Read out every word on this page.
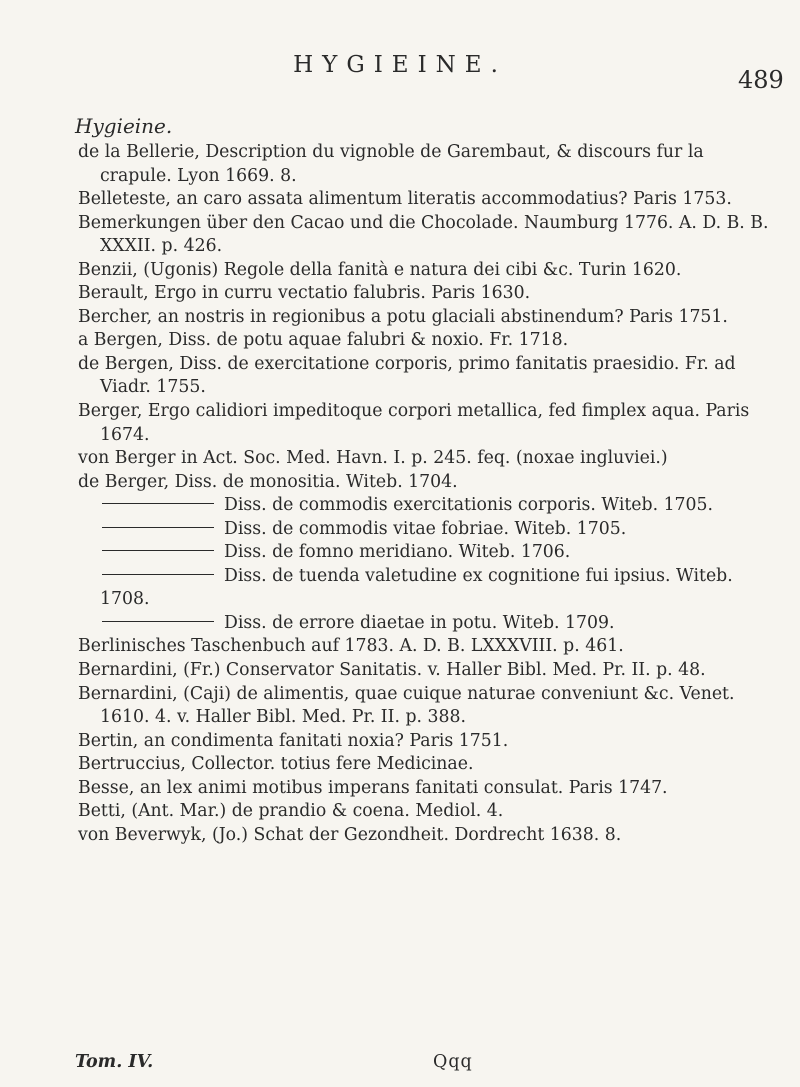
HYGIEINE.
489
Hygieine.
de la Bellerie, Description du vignoble de Garembaut, & discours fur la crapule. Lyon 1669. 8.
Belleteste, an caro assata alimentum literatis accommodatius? Paris 1753.
Bemerkungen über den Cacao und die Chocolade. Naumburg 1776. A. D. B. B. XXXII. p. 426.
Benzii, (Ugonis) Regole della fanità e natura dei cibi &c. Turin 1620.
Berault, Ergo in curru vectatio falubris. Paris 1630.
Bercher, an nostris in regionibus a potu glaciali abstinendum? Paris 1751.
a Bergen, Diss. de potu aquae falubri & noxio. Fr. 1718.
de Bergen, Diss. de exercitatione corporis, primo fanitatis praesidio. Fr. ad Viadr. 1755.
Berger, Ergo calidiori impeditoque corpori metallica, fed fimplex aqua. Paris 1674.
von Berger in Act. Soc. Med. Havn. I. p. 245. feq. (noxae ingluviei.)
de Berger, Diss. de monositia. Witeb. 1704.
Diss. de commodis exercitationis corporis. Witeb. 1705.
Diss. de commodis vitae fobriae. Witeb. 1705.
Diss. de fomno meridiano. Witeb. 1706.
Diss. de tuenda valetudine ex cognitione fui ipsius. Witeb. 1708.
Diss. de errore diaetae in potu. Witeb. 1709.
Berlinisches Taschenbuch auf 1783. A. D. B. LXXXVIII. p. 461.
Bernardini, (Fr.) Conservator Sanitatis. v. Haller Bibl. Med. Pr. II. p. 48.
Bernardini, (Caji) de alimentis, quae cuique naturae conveniunt &c. Venet. 1610. 4. v. Haller Bibl. Med. Pr. II. p. 388.
Bertin, an condimenta fanitati noxia? Paris 1751.
Bertruccius, Collector. totius fere Medicinae.
Besse, an lex animi motibus imperans fanitati consulat. Paris 1747.
Betti, (Ant. Mar.) de prandio & coena. Mediol. 4.
von Beverwyk, (Jo.) Schat der Gezondheit. Dordrecht 1638. 8.
Tom. IV.	Qqq
